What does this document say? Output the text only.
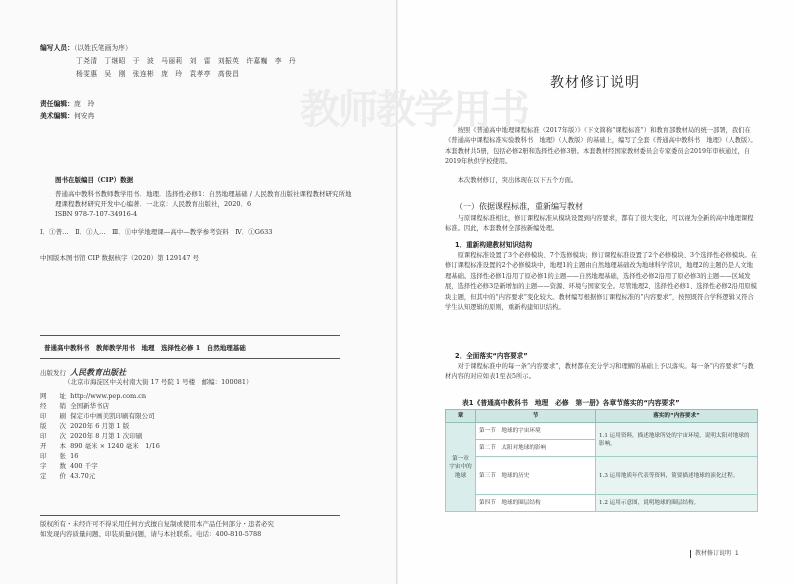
编写人员：（以姓氏笔画为序）
丁尧清　丁继昭　于　波　马丽莉　刘　雷　刘振英　许嘉巍　李　丹
杨雯惠　吴　刚　张连彬　庞　玲　袁孝亭　高俊昌
责任编辑：庞　玲
美术编辑：何安冉	教师教学用书
图书在版编目（CIP）数据
普通高中教科书教师教学用书．地理．选择性必修1：自然地理基础 / 人民教育出版社课程教材研究所地
理课程教材研究开发中心编著．一北京：人民教育出版社，2020．6
ISBN 978-7-107-34916-4
Ⅰ．①普…　Ⅱ．①人…　Ⅲ．①中学地理课—高中—教学参考资料　Ⅳ．①G633
中国版本图书馆 CIP 数据核字（2020）第 129147 号
普通高中教科书　教师教学用书　地理　选择性必修 1　自然地理基础
出版发行 人民教育出版社
（北京市海淀区中关村南大街 17 号院 1 号楼　邮编：100081）
网　　址 http://www.pep.com.cn
经　　销 全国新华书店
印　　刷 保定市中画美凯印刷有限公司
版　　次 2020年 6 月第 1 版
印　　次 2020年 8 月第 1 次印刷
开　　本 890 毫米 × 1240 毫米　1/16
印　　张 16
字　　数 400 千字
定　　价 43.70元
版权所有・未经许可不得采用任何方式擅自复制或使用本产品任何部分・违者必究
如发现内容质量问题、印装质量问题，请与本社联系。电话：400-810-5788
教材修订说明
按照《普通高中地理课程标准（2017年版）》（下文简称“课程标准”）和教育部教材局的统一部署，我们在《普通高中课程标准实验教科书　地理》（人教版）的基础上，编写了全套《普通高中教科书　地理》（人教版）。本套教材共5册，包括必修2册和选择性必修3册。本套教材经国家教材委员会专家委员会2019年审核通过，自2019年秋供学校使用。
本次教材修订，突出体现在以下五个方面。
（一）依据课程标准，重新编写教材
与原课程标准相比，修订课程标准从模块设置到内容要求，都有了很大变化，可以视为全新的高中地理课程标准。因此，本套教材全部按新编处理。
1．重新构建教材知识结构
原课程标准设置了3个必修模块、7个选修模块；修订课程标准设置了2个必修模块、3个选择性必修模块。在修订课程标准设置的2个必修模块中，地理1的主题由自然地理基础改为地球科学常识，地理2的主题仍是人文地理基础。选择性必修1沿用了原必修1的主题——自然地理基础，选择性必修2沿用了原必修3的主题——区域发展，选择性必修3是新增加的主题——资源、环境与国家安全。尽管地理2、选择性必修1、选择性必修2沿用原模块主题，但其中的“内容要求”变化较大。教材编写根据修订课程标准的“内容要求”，按照既符合学科逻辑又符合学生认知逻辑的原则，重新构建知识结构。
2．全面落实“内容要求”
对于课程标准中的每一条“内容要求”，教材都在充分学习和理解的基础上予以落实。每一条“内容要求”与教材内容的对应如表1至表5所示。
表1《普通高中教科书　地理　必修　第一册》各章节落实的“内容要求”
章	节	落实的“内容要求”
第一章　宇宙中的地球	第一节　地球的宇宙环境	1.1 运用资料，描述地球所处的宇宙环境，说明太阳对地球的影响。
	第二节　太阳对地球的影响	
	第三节　地球的历史	1.3 运用地质年代表等资料，简要描述地球的演化过程。
	第四节　地球的圈层结构	1.2 运用示意图，说明地球的圈层结构。
教材修订说明 1
